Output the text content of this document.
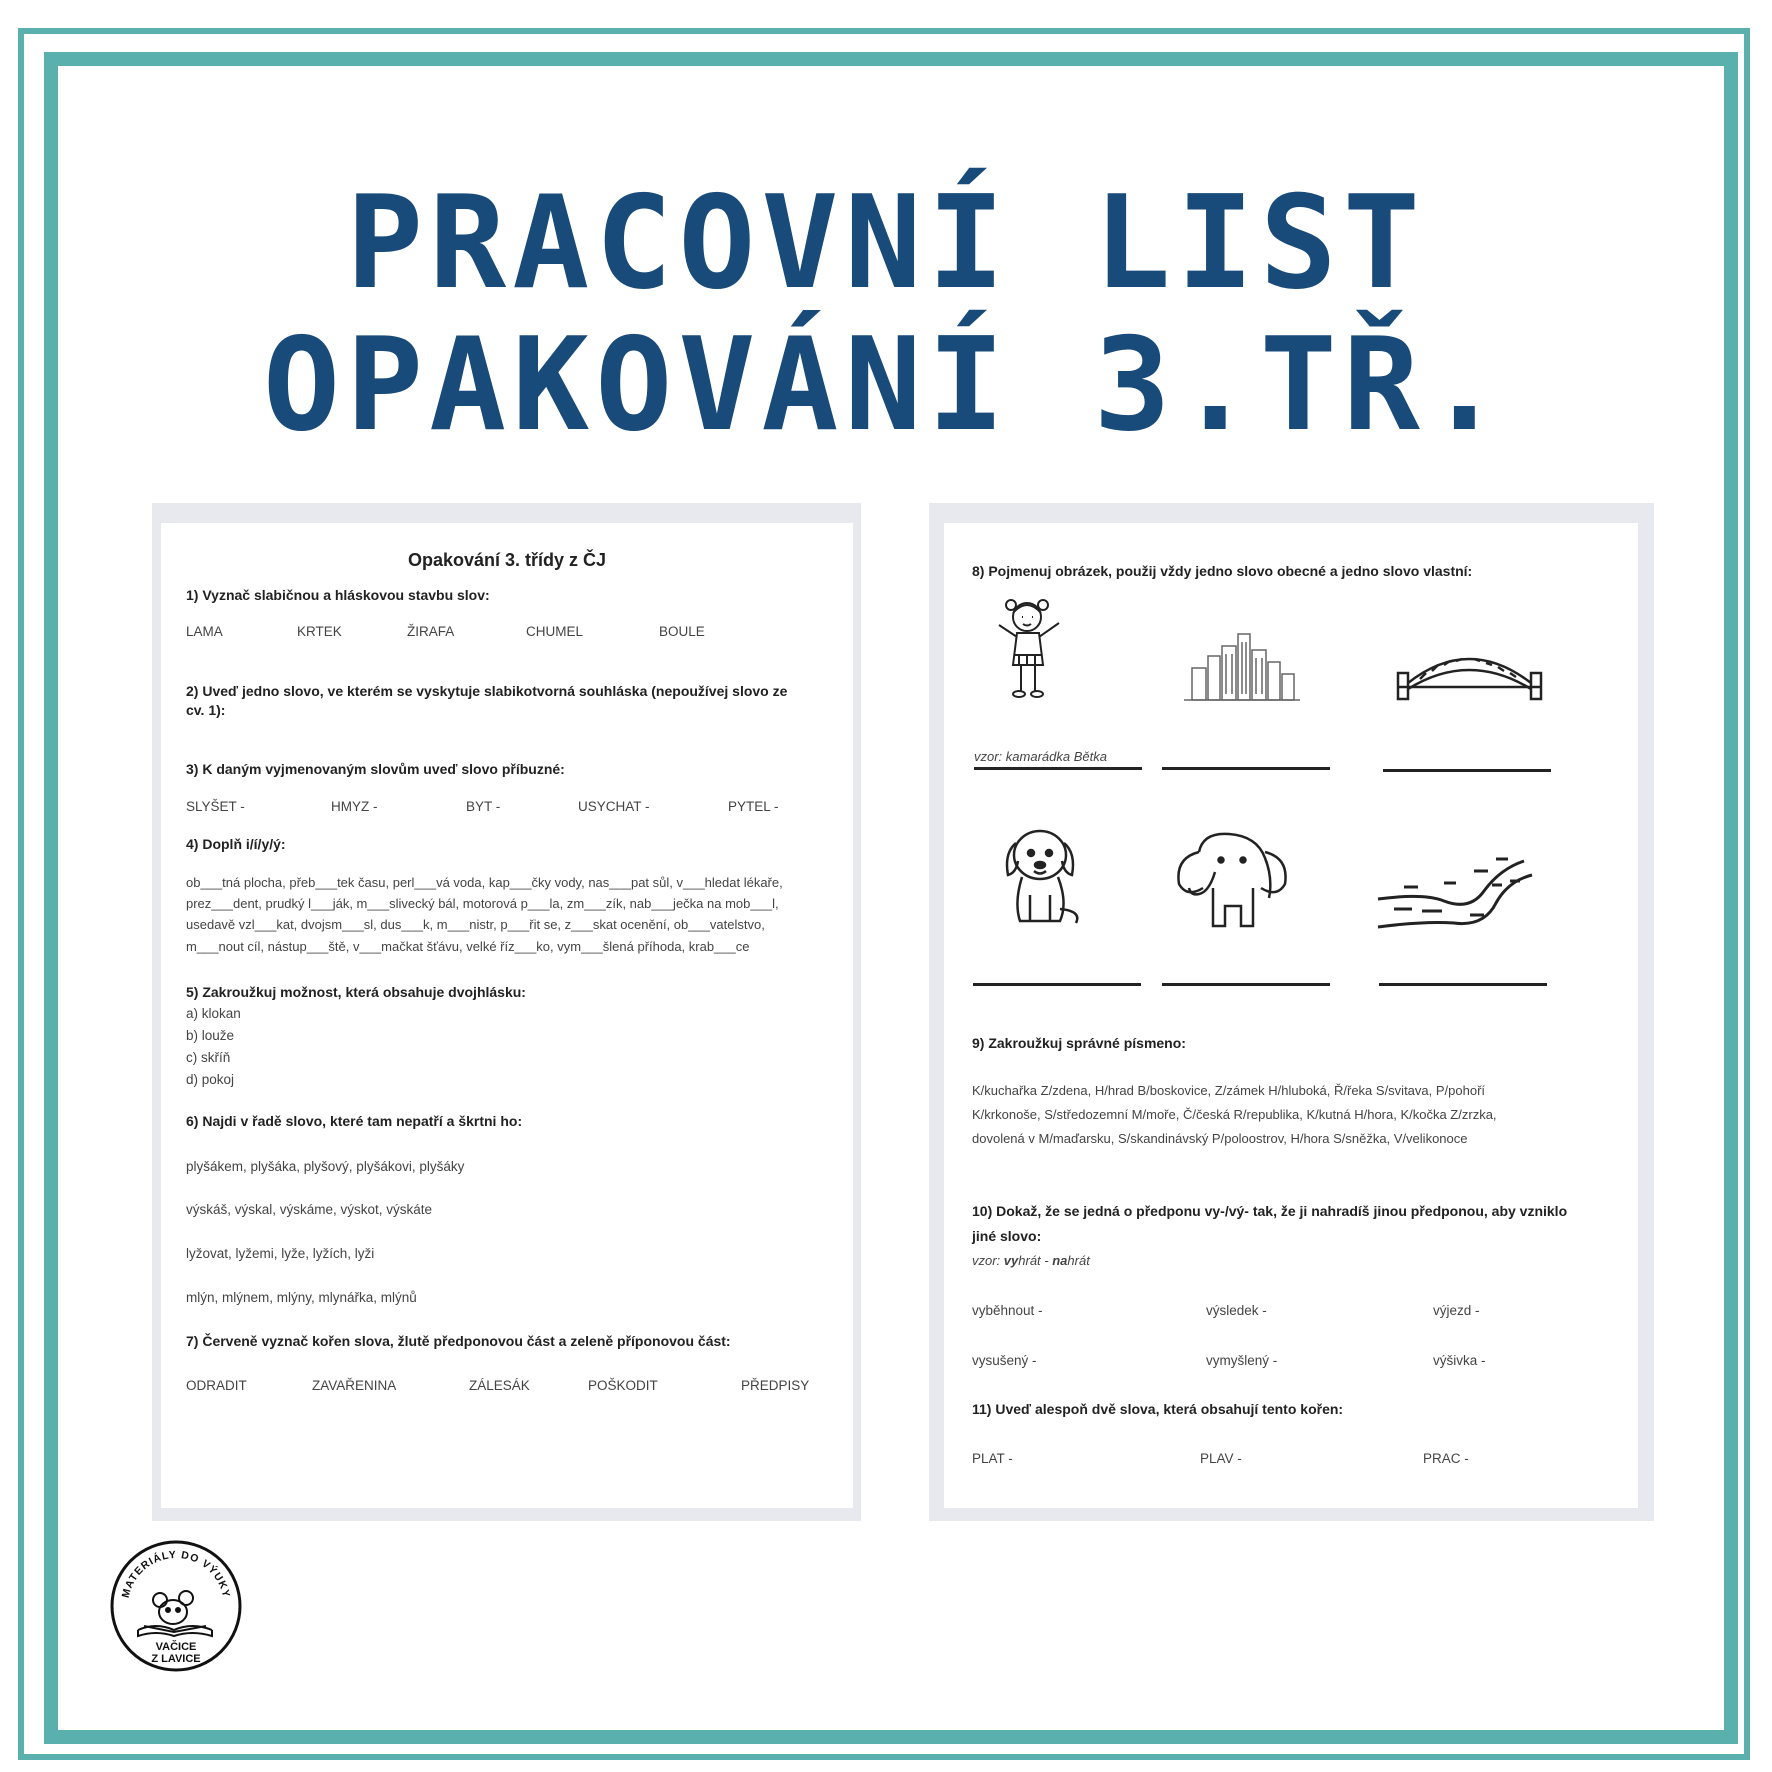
PRACOVNÍ LIST
OPAKOVÁNÍ 3.TŘ.
Opakování 3. třídy z ČJ
1) Vyznač slabičnou a hláskovou stavbu slov:
LAMA	KRTEK	ŽIRAFA	CHUMEL	BOULE
2) Uveď jedno slovo, ve kterém se vyskytuje slabikotvorná souhláska (nepoužívej slovo ze
cv. 1):
3) K daným vyjmenovaným slovům uveď slovo příbuzné:
SLYŠET -	HMYZ -	BYT -	USYCHAT -	PYTEL -
4) Doplň i/í/y/ý:
ob___tná plocha, přeb___tek času, perl___vá voda, kap___čky vody, nas___pat sůl, v___hledat lékaře,
prez___dent, prudký l___ják, m___slivecký bál, motorová p___la, zm___zík, nab___ječka na mob___l,
usedavě vzl___kat, dvojsm___sl, dus___k, m___nistr, p___řit se, z___skat ocenění, ob___vatelstvo,
m___nout cíl, nástup___ště, v___mačkat šťávu, velké říz___ko, vym___šlená příhoda, krab___ce
5) Zakroužkuj možnost, která obsahuje dvojhlásku:
a) klokan
b) louže
c) skříň
d) pokoj
6) Najdi v řadě slovo, které tam nepatří a škrtni ho:
plyšákem, plyšáka, plyšový, plyšákovi, plyšáky
výskáš, výskal, výskáme, výskot, výskáte
lyžovat, lyžemi, lyže, lyžích, lyži
mlýn, mlýnem, mlýny, mlynářka, mlýnů
7) Červeně vyznač kořen slova, žlutě předponovou část a zeleně příponovou část:
ODRADIT	ZAVAŘENINA	ZÁLESÁK	POŠKODIT	PŘEDPISY
8) Pojmenuj obrázek, použij vždy jedno slovo obecné a jedno slovo vlastní:
vzor: kamarádka Bětka
9) Zakroužkuj správné písmeno:
K/kuchařka Z/zdena, H/hrad B/boskovice, Z/zámek H/hluboká, Ř/řeka S/svitava, P/pohoří
K/krkonoše, S/středozemní M/moře, Č/česká R/republika, K/kutná H/hora, K/kočka Z/zrzka,
dovolená v M/maďarsku, S/skandinávský P/poloostrov, H/hora S/sněžka, V/velikonoce
10) Dokaž, že se jedná o předponu vy-/vý- tak, že ji nahradíš jinou předponou, aby vzniklo
jiné slovo:
vzor: vyhrát - nahrát
vyběhnout -	výsledek -	výjezd -
vysušený -	vymyšlený -	výšivka -
11) Uveď alespoň dvě slova, která obsahují tento kořen:
PLAT -	PLAV -	PRAC -
MATERIÁLY DO VÝUKY
VAČICE
Z LAVICE
